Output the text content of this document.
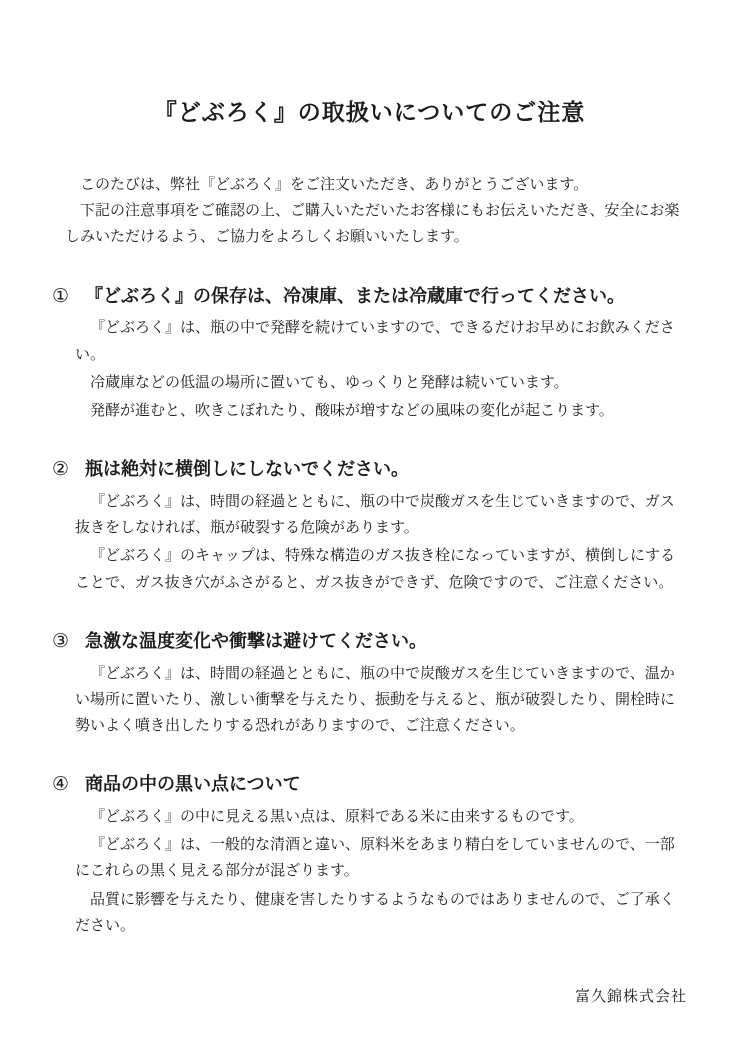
『どぶろく』の取扱いについてのご注意

このたびは、弊社『どぶろく』をご注文いただき、ありがとうございます。

下記の注意事項をご確認の上、ご購入いただいたお客様にもお伝えいただき、安全にお楽しみいただけるよう、ご協力をよろしくお願いいたします。

① 『どぶろく』の保存は、冷凍庫、または冷蔵庫で行ってください。

『どぶろく』は、瓶の中で発酵を続けていますので、できるだけお早めにお飲みください。

冷蔵庫などの低温の場所に置いても、ゆっくりと発酵は続いています。

発酵が進むと、吹きこぼれたり、酸味が増すなどの風味の変化が起こります。

② 瓶は絶対に横倒しにしないでください。

『どぶろく』は、時間の経過とともに、瓶の中で炭酸ガスを生じていきますので、ガス抜きをしなければ、瓶が破裂する危険があります。

『どぶろく』のキャップは、特殊な構造のガス抜き栓になっていますが、横倒しにすることで、ガス抜き穴がふさがると、ガス抜きができず、危険ですので、ご注意ください。

③ 急激な温度変化や衝撃は避けてください。

『どぶろく』は、時間の経過とともに、瓶の中で炭酸ガスを生じていきますので、温かい場所に置いたり、激しい衝撃を与えたり、振動を与えると、瓶が破裂したり、開栓時に勢いよく噴き出したりする恐れがありますので、ご注意ください。

④ 商品の中の黒い点について

『どぶろく』の中に見える黒い点は、原料である米に由来するものです。

『どぶろく』は、一般的な清酒と違い、原料米をあまり精白をしていませんので、一部にこれらの黒く見える部分が混ざります。

品質に影響を与えたり、健康を害したりするようなものではありませんので、ご了承ください。

富久錦株式会社
